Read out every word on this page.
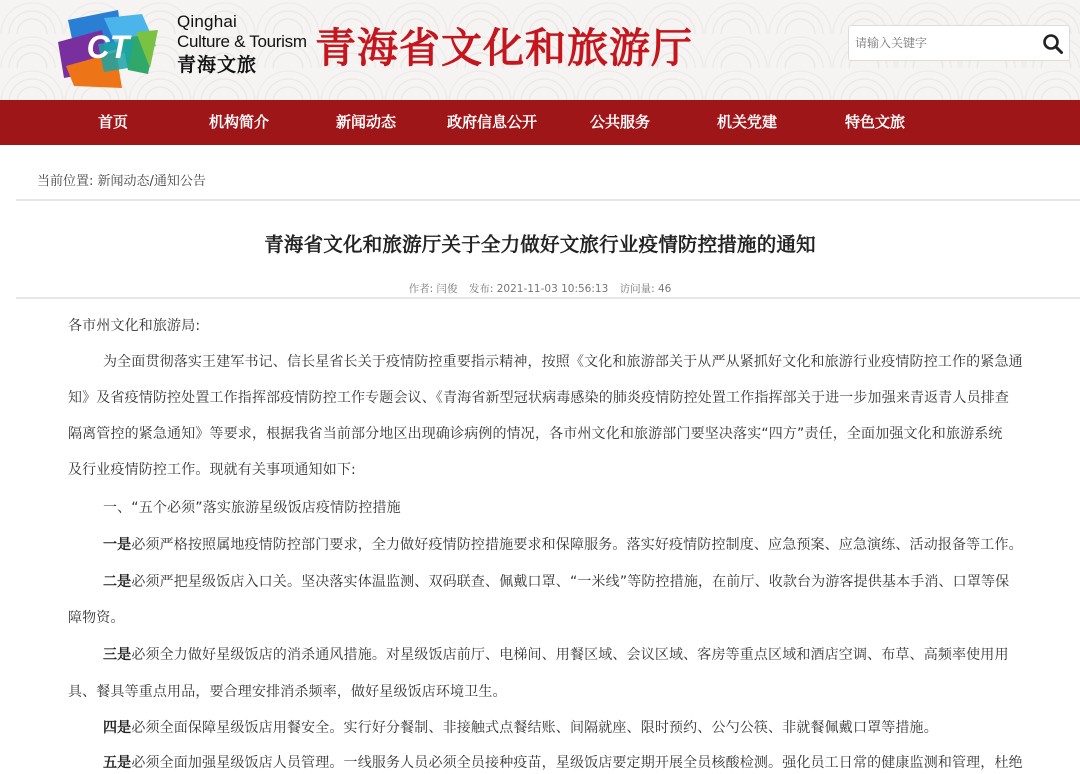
CT
Qinghai
Culture & Tourism
青海文旅	青海省文化和旅游厅
请输入关键字
首页	机构简介	新闻动态	政府信息公开	公共服务	机关党建	特色文旅
当前位置: 新闻动态/通知公告
青海省文化和旅游厅关于全力做好文旅行业疫情防控措施的通知
作者: 闫俊 发布: 2021-11-03 10:56:13 访问量: 46
各市州文化和旅游局:
为全面贯彻落实王建军书记、信长星省长关于疫情防控重要指示精神，按照《文化和旅游部关于从严从紧抓好文化和旅游行业疫情防控工作的紧急通
知》及省疫情防控处置工作指挥部疫情防控工作专题会议、《青海省新型冠状病毒感染的肺炎疫情防控处置工作指挥部关于进一步加强来青返青人员排查
隔离管控的紧急通知》等要求，根据我省当前部分地区出现确诊病例的情况，各市州文化和旅游部门要坚决落实“四方”责任，全面加强文化和旅游系统
及行业疫情防控工作。现就有关事项通知如下:
一、“五个必须”落实旅游星级饭店疫情防控措施
一是必须严格按照属地疫情防控部门要求，全力做好疫情防控措施要求和保障服务。落实好疫情防控制度、应急预案、应急演练、活动报备等工作。
二是必须严把星级饭店入口关。坚决落实体温监测、双码联查、佩戴口罩、“一米线”等防控措施，在前厅、收款台为游客提供基本手消、口罩等保
障物资。
三是必须全力做好星级饭店的消杀通风措施。对星级饭店前厅、电梯间、用餐区域、会议区域、客房等重点区域和酒店空调、布草、高频率使用用
具、餐具等重点用品，要合理安排消杀频率，做好星级饭店环境卫生。
四是必须全面保障星级饭店用餐安全。实行好分餐制、非接触式点餐结账、间隔就座、限时预约、公勺公筷、非就餐佩戴口罩等措施。
五是必须全面加强星级饭店人员管理。一线服务人员必须全员接种疫苗，星级饭店要定期开展全员核酸检测。强化员工日常的健康监测和管理，杜绝
